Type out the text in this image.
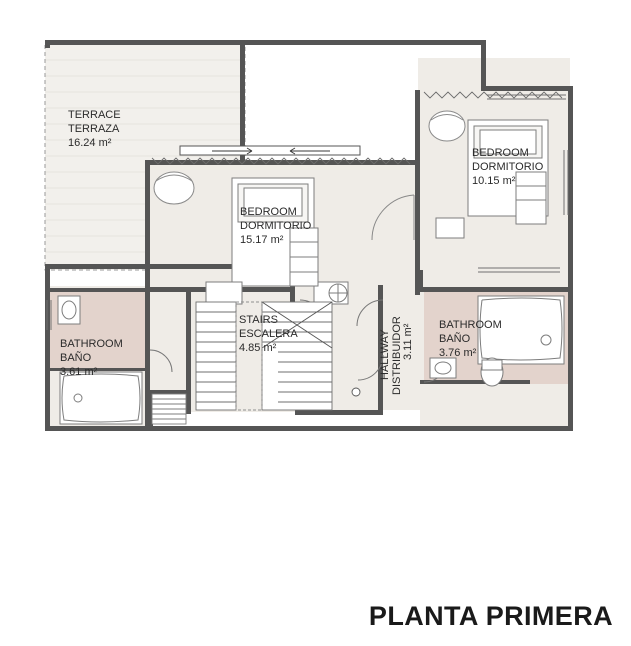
TERRACE
TERRAZA
16.24 m²
BEDROOM
DORMITORIO
15.17 m²
BEDROOM
DORMITORIO
10.15 m²
BATHROOM
BAÑO
3.61 m²
BATHROOM
BAÑO
3.76 m²
STAIRS
ESCALERA
4.85 m²	3.11 m²
DISTRIBUIDOR
HALLWAY
PLANTA PRIMERA
